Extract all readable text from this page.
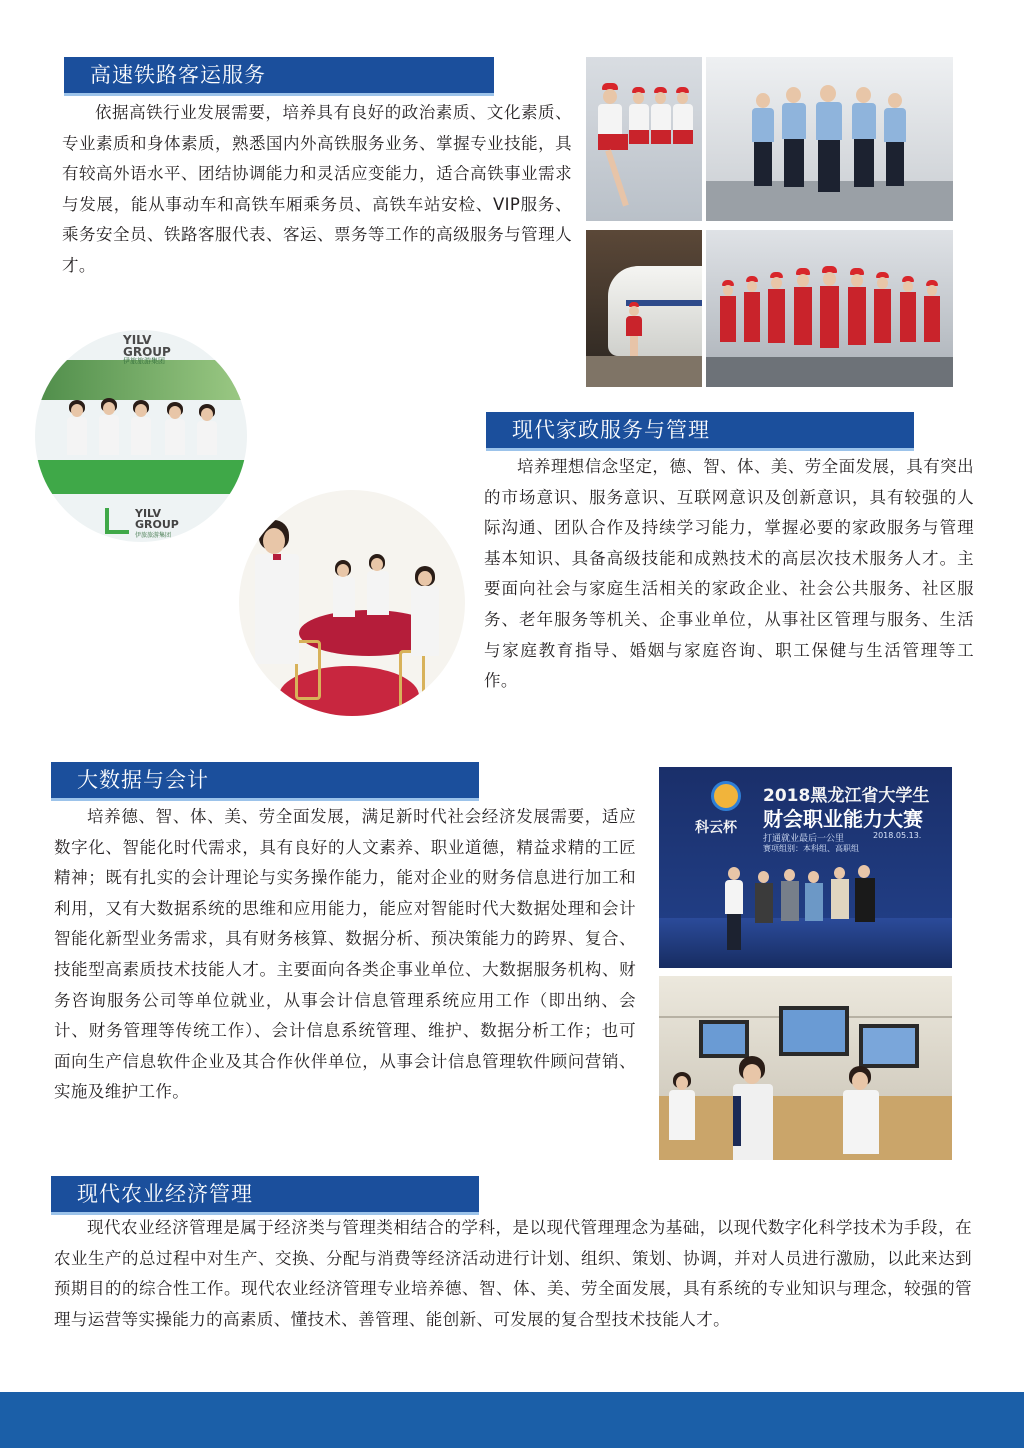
高速铁路客运服务

依据高铁行业发展需要，培养具有良好的政治素质、文化素质、专业素质和身体素质，熟悉国内外高铁服务业务、掌握专业技能，具有较高外语水平、团结协调能力和灵活应变能力，适合高铁事业需求与发展，能从事动车和高铁车厢乘务员、高铁车站安检、VIP服务、乘务安全员、铁路客服代表、客运、票务等工作的高级服务与管理人才。

YILV
GROUP
伊旅旅游集团
YILV
GROUP
伊旅旅游集团
现代家政服务与管理

培养理想信念坚定，德、智、体、美、劳全面发展，具有突出的市场意识、服务意识、互联网意识及创新意识，具有较强的人际沟通、团队合作及持续学习能力，掌握必要的家政服务与管理基本知识、具备高级技能和成熟技术的高层次技术服务人才。主要面向社会与家庭生活相关的家政企业、社会公共服务、社区服务、老年服务等机关、企事业单位，从事社区管理与服务、生活与家庭教育指导、婚姻与家庭咨询、职工保健与生活管理等工作。

大数据与会计

培养德、智、体、美、劳全面发展，满足新时代社会经济发展需要，适应数字化、智能化时代需求，具有良好的人文素养、职业道德，精益求精的工匠精神；既有扎实的会计理论与实务操作能力，能对企业的财务信息进行加工和利用，又有大数据系统的思维和应用能力，能应对智能时代大数据处理和会计智能化新型业务需求，具有财务核算、数据分析、预决策能力的跨界、复合、技能型高素质技术技能人才。主要面向各类企事业单位、大数据服务机构、财务咨询服务公司等单位就业，从事会计信息管理系统应用工作（即出纳、会计、财务管理等传统工作）、会计信息系统管理、维护、数据分析工作；也可面向生产信息软件企业及其合作伙伴单位，从事会计信息管理软件顾问营销、实施及维护工作。

科云杯
2018黑龙江省大学生
财会职业能力大赛
打通就业最后一公里	2018.05.13.
赛项组别：本科组、高职组
现代农业经济管理

现代农业经济管理是属于经济类与管理类相结合的学科，是以现代管理理念为基础，以现代数字化科学技术为手段，在农业生产的总过程中对生产、交换、分配与消费等经济活动进行计划、组织、策划、协调，并对人员进行激励，以此来达到预期目的的综合性工作。现代农业经济管理专业培养德、智、体、美、劳全面发展，具有系统的专业知识与理念，较强的管理与运营等实操能力的高素质、懂技术、善管理、能创新、可发展的复合型技术技能人才。
